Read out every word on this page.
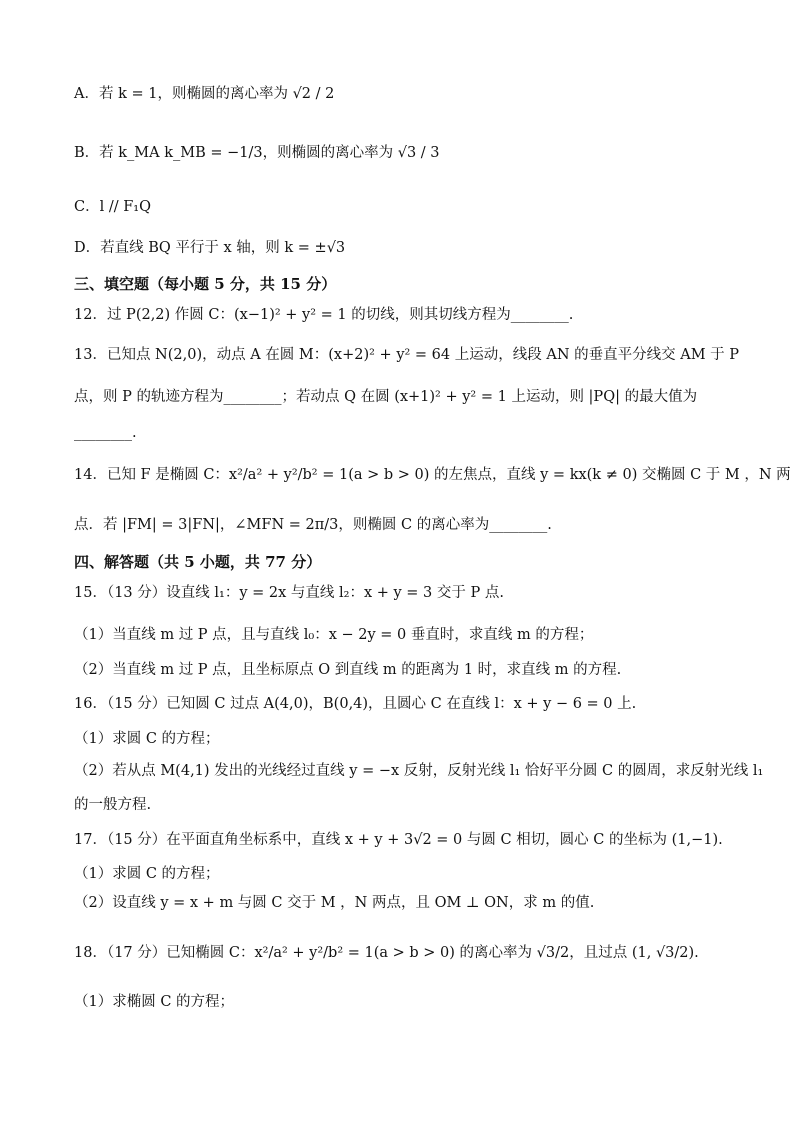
A．若 k = 1，则椭圆的离心率为 √2 / 2
B．若 k_MA k_MB = −1/3，则椭圆的离心率为 √3 / 3
C．l // F₁Q
D．若直线 BQ 平行于 x 轴，则 k = ±√3
三、填空题（每小题 5 分，共 15 分）
12．过 P(2,2) 作圆 C：(x−1)² + y² = 1 的切线，则其切线方程为________.
13．已知点 N(2,0)，动点 A 在圆 M：(x+2)² + y² = 64 上运动，线段 AN 的垂直平分线交 AM 于 P
点，则 P 的轨迹方程为________；若动点 Q 在圆 (x+1)² + y² = 1 上运动，则 |PQ| 的最大值为
________.
14．已知 F 是椭圆 C：x²/a² + y²/b² = 1(a > b > 0) 的左焦点，直线 y = kx(k ≠ 0) 交椭圆 C 于 M ，N 两
点．若 |FM| = 3|FN|，∠MFN = 2π/3，则椭圆 C 的离心率为________.
四、解答题（共 5 小题，共 77 分）
15．（13 分）设直线 l₁：y = 2x 与直线 l₂：x + y = 3 交于 P 点.
（1）当直线 m 过 P 点，且与直线 l₀：x − 2y = 0 垂直时，求直线 m 的方程；
（2）当直线 m 过 P 点，且坐标原点 O 到直线 m 的距离为 1 时，求直线 m 的方程.
16．（15 分）已知圆 C 过点 A(4,0)，B(0,4)，且圆心 C 在直线 l：x + y − 6 = 0 上.
（1）求圆 C 的方程；
（2）若从点 M(4,1) 发出的光线经过直线 y = −x 反射，反射光线 l₁ 恰好平分圆 C 的圆周，求反射光线 l₁
的一般方程.
17．（15 分）在平面直角坐标系中，直线 x + y + 3√2 = 0 与圆 C 相切，圆心 C 的坐标为 (1,−1).
（1）求圆 C 的方程；
（2）设直线 y = x + m 与圆 C 交于 M ，N 两点，且 OM ⊥ ON，求 m 的值.
18．（17 分）已知椭圆 C：x²/a² + y²/b² = 1(a > b > 0) 的离心率为 √3/2，且过点 (1, √3/2).
（1）求椭圆 C 的方程；
